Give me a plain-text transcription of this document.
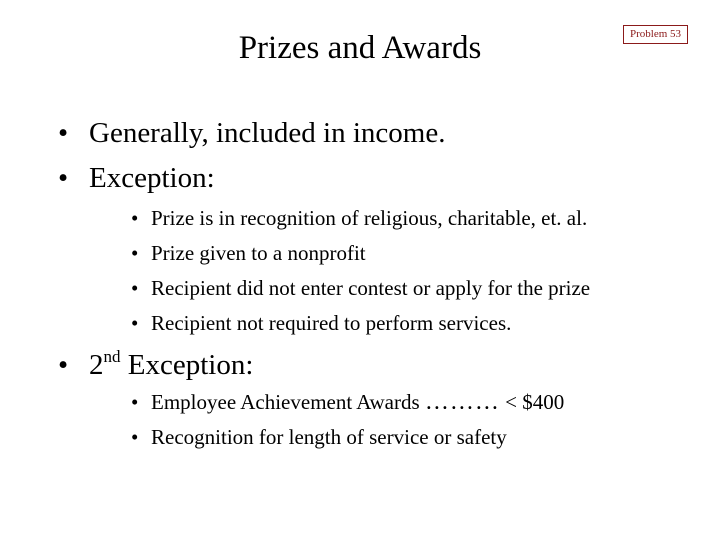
Prizes and Awards	Problem 53
• Generally, included in income.
• Exception:
• Prize is in recognition of religious, charitable, et. al.
• Prize given to a nonprofit
• Recipient did not enter contest or apply for the prize
• Recipient not required to perform services.
• 2nd Exception:
• Employee Achievement Awards ……… < $400
• Recognition for length of service or safety
